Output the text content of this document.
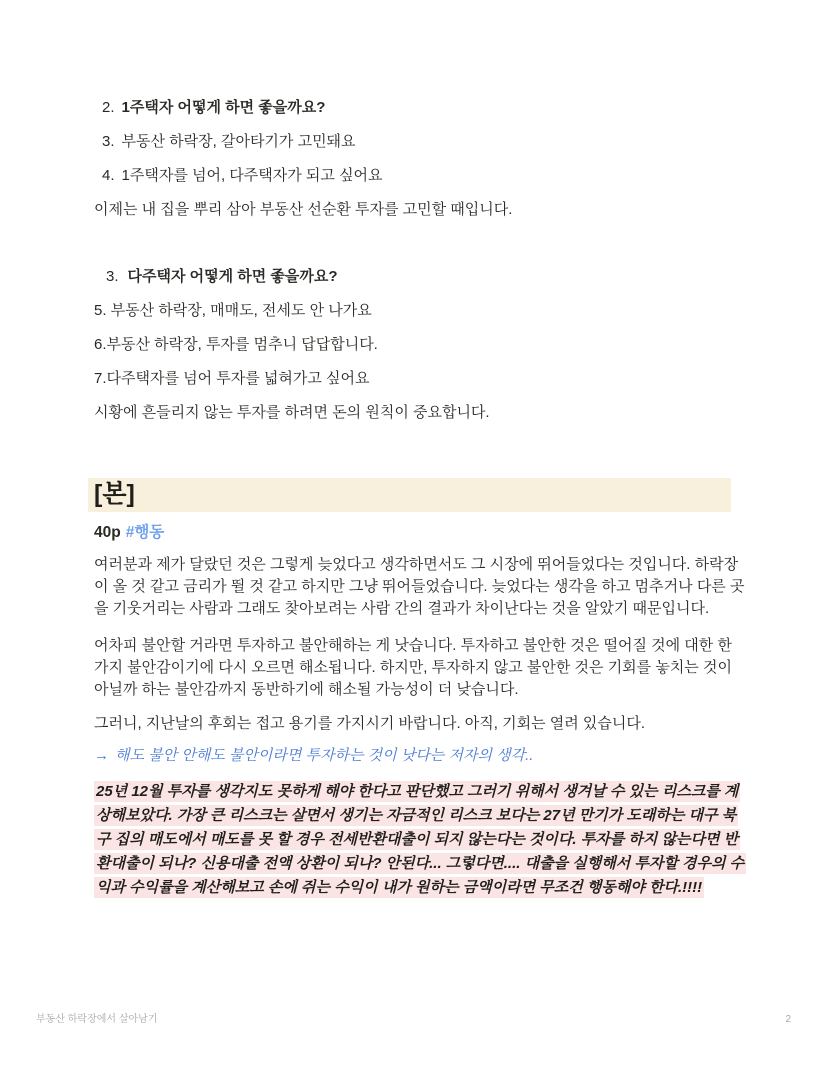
2. 1주택자 어떻게 하면 좋을까요?
3. 부동산 하락장, 갈아타기가 고민돼요
4. 1주택자를 넘어, 다주택자가 되고 싶어요

이제는 내 집을 뿌리 삼아 부동산 선순환 투자를 고민할 때입니다.

3. 다주택자 어떻게 하면 좋을까요?

5. 부동산 하락장, 매매도, 전세도 안 나가요

6.부동산 하락장, 투자를 멈추니 답답합니다.

7.다주택자를 넘어 투자를 넓혀가고 싶어요

시황에 흔들리지 않는 투자를 하려면 돈의 원칙이 중요합니다.

[본]
40p #행동

여러분과 제가 달랐던 것은 그렇게 늦었다고 생각하면서도 그 시장에 뛰어들었다는 것입니다. 하락장이 올 것 같고 금리가 뛸 것 같고 하지만 그냥 뛰어들었습니다. 늦었다는 생각을 하고 멈추거나 다른 곳을 기웃거리는 사람과 그래도 찾아보려는 사람 간의 결과가 차이난다는 것을 알았기 때문입니다.

어차피 불안할 거라면 투자하고 불안해하는 게 낫습니다. 투자하고 불안한 것은 떨어질 것에 대한 한 가지 불안감이기에 다시 오르면 해소됩니다. 하지만, 투자하지 않고 불안한 것은 기회를 놓치는 것이 아닐까 하는 불안감까지 동반하기에 해소될 가능성이 더 낮습니다.

그러니, 지난날의 후회는 접고 용기를 가지시기 바랍니다. 아직, 기회는 열려 있습니다.

→ 해도 불안 안해도 불안이라면 투자하는 것이 낫다는 저자의 생각..
25년 12월 투자를 생각지도 못하게 해야 한다고 판단했고 그러기 위해서 생겨날 수 있는 리스크를 계상해보았다. 가장 큰 리스크는 살면서 생기는 자금적인 리스크 보다는 27년 만기가 도래하는 대구 북구 집의 매도에서 매도를 못 할 경우 전세반환대출이 되지 않는다는 것이다. 투자를 하지 않는다면 반환대출이 되나? 신용대출 전액 상환이 되나? 안된다... 그렇다면.... 대출을 실행해서 투자할 경우의 수익과 수익률을 계산해보고 손에 쥐는 수익이 내가 원하는 금액이라면 무조건 행동해야 한다.!!!!
부동산 하락장에서 살아남기	2
